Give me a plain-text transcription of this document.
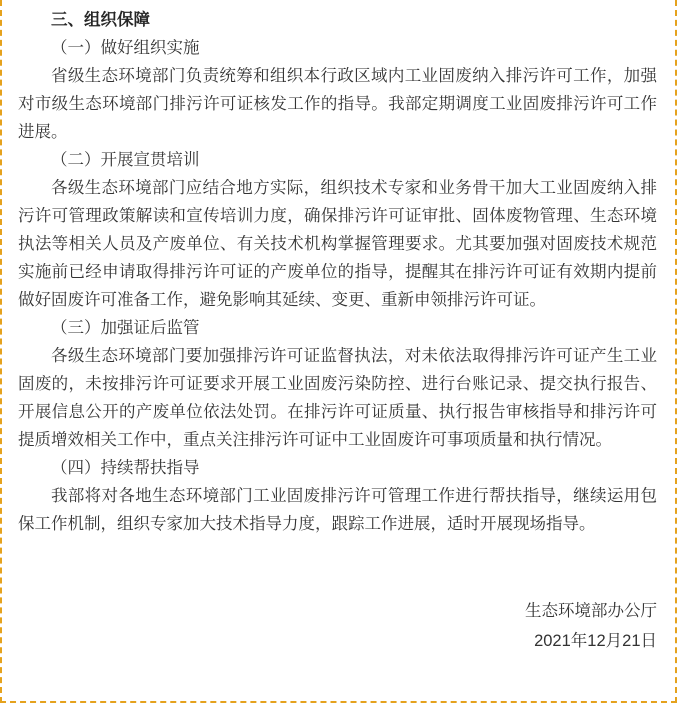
三、组织保障

（一）做好组织实施

省级生态环境部门负责统筹和组织本行政区域内工业固废纳入排污许可工作，加强对市级生态环境部门排污许可证核发工作的指导。我部定期调度工业固废排污许可工作进展。

（二）开展宣贯培训

各级生态环境部门应结合地方实际，组织技术专家和业务骨干加大工业固废纳入排污许可管理政策解读和宣传培训力度，确保排污许可证审批、固体废物管理、生态环境执法等相关人员及产废单位、有关技术机构掌握管理要求。尤其要加强对固废技术规范实施前已经申请取得排污许可证的产废单位的指导，提醒其在排污许可证有效期内提前做好固废许可准备工作，避免影响其延续、变更、重新申领排污许可证。

（三）加强证后监管

各级生态环境部门要加强排污许可证监督执法，对未依法取得排污许可证产生工业固废的，未按排污许可证要求开展工业固废污染防控、进行台账记录、提交执行报告、开展信息公开的产废单位依法处罚。在排污许可证质量、执行报告审核指导和排污许可提质增效相关工作中，重点关注排污许可证中工业固废许可事项质量和执行情况。

（四）持续帮扶指导

我部将对各地生态环境部门工业固废排污许可管理工作进行帮扶指导，继续运用包保工作机制，组织专家加大技术指导力度，跟踪工作进展，适时开展现场指导。

生态环境部办公厅

2021年12月21日
